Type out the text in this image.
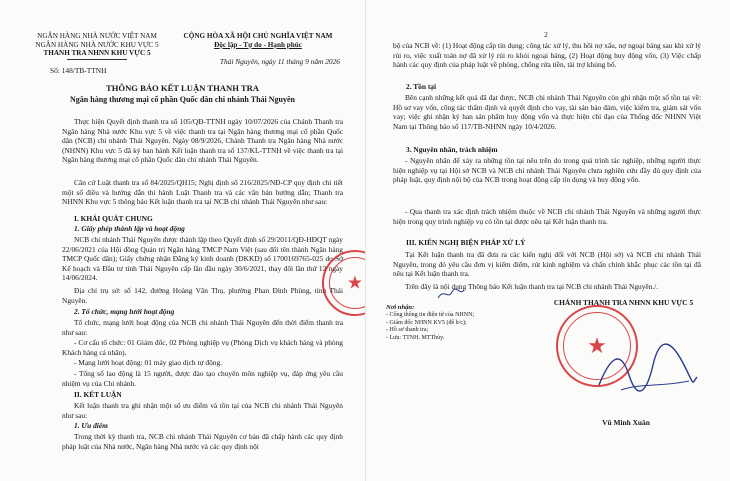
NGÂN HÀNG NHÀ NƯỚC VIỆT NAM
NGÂN HÀNG NHÀ NƯỚC KHU VỰC 5
THANH TRA NHNN KHU VỰC 5
CỘNG HÒA XÃ HỘI CHỦ NGHĨA VIỆT NAM
Độc lập - Tự do - Hạnh phúc
Số: 148/TB-TTNH
Thái Nguyên, ngày 11 tháng 9 năm 2026
THÔNG BÁO KẾT LUẬN THANH TRA
Ngân hàng thương mại cổ phần Quốc dân chi nhánh Thái Nguyên
Thực hiện Quyết định thanh tra số 105/QĐ-TTNH ngày 10/07/2026 của Chánh Thanh tra Ngân hàng Nhà nước Khu vực 5 về việc thanh tra tại Ngân hàng thương mại cổ phần Quốc dân (NCB) chi nhánh Thái Nguyên. Ngày 08/9/2026, Chánh Thanh tra Ngân hàng Nhà nước (NHNN) Khu vực 5 đã ký ban hành Kết luận thanh tra số 137/KL-TTNH về việc thanh tra tại Ngân hàng thương mại cổ phần Quốc dân chi nhánh Thái Nguyên.
Căn cứ Luật thanh tra số 84/2025/QH15; Nghị định số 216/2025/NĐ-CP quy định chi tiết một số điều và hướng dẫn thi hành Luật Thanh tra và các văn bản hướng dẫn; Thanh tra NHNN Khu vực 5 thông báo Kết luận thanh tra tại NCB chi nhánh Thái Nguyên như sau:
I. KHÁI QUÁT CHUNG
1. Giấy phép thành lập và hoạt động
NCB chi nhánh Thái Nguyên được thành lập theo Quyết định số 29/2011/QĐ-HĐQT ngày 22/06/2021 của Hội đồng Quản trị Ngân hàng TMCP Nam Việt (sau đổi tên thành Ngân hàng TMCP Quốc dân); Giấy chứng nhận Đăng ký kinh doanh (ĐKKD) số 1700169765-025 do Sở Kế hoạch và Đầu tư tỉnh Thái Nguyên cấp lần đầu ngày 30/6/2021, thay đổi lần thứ 12 ngày 14/06/2024.
Địa chỉ trụ sở: số 142, đường Hoàng Văn Thụ, phường Phan Đình Phùng, tỉnh Thái Nguyên.
2. Tổ chức, mạng lưới hoạt động
Tổ chức, mạng lưới hoạt động của NCB chi nhánh Thái Nguyên đến thời điểm thanh tra như sau:
- Cơ cấu tổ chức: 01 Giám đốc, 02 Phòng nghiệp vụ (Phòng Dịch vụ khách hàng và phòng Khách hàng cá nhân).
- Mạng lưới hoạt động: 01 máy giao dịch tự động.
- Tổng số lao động là 15 người, được đào tạo chuyên môn nghiệp vụ, đáp ứng yêu cầu nhiệm vụ của Chi nhánh.
II. KẾT LUẬN
Kết luận thanh tra ghi nhận một số ưu điểm và tồn tại của NCB chi nhánh Thái Nguyên như sau:
1. Ưu điểm
Trong thời kỳ thanh tra, NCB chi nhánh Thái Nguyên cơ bản đã chấp hành các quy định pháp luật của Nhà nước, Ngân hàng Nhà nước và các quy định nội
★
2
bộ của NCB về: (1) Hoạt động cấp tín dụng; công tác xử lý, thu hồi nợ xấu, nợ ngoại bảng sau khi xử lý rủi ro, việc xuất toán nợ đã xử lý rủi ro khỏi ngoại bảng, (2) Hoạt động huy động vốn, (3) Việc chấp hành các quy định của pháp luật về phòng, chống rửa tiền, tài trợ khủng bố.
2. Tồn tại
Bên cạnh những kết quả đã đạt được, NCB chi nhánh Thái Nguyên còn ghi nhận một số tồn tại về: Hồ sơ vay vốn, công tác thẩm định và quyết định cho vay, tài sản bảo đảm, việc kiểm tra, giám sát vốn vay; việc ghi nhận ký han sản phẩm huy động vốn và thực hiện chỉ đạo của Thống đốc NHNN Việt Nam tại Thông báo số 117/TB-NHNN ngày 10/4/2026.
3. Nguyên nhân, trách nhiệm
- Nguyên nhân để xảy ra những tồn tại nêu trên do trong quá trình tác nghiệp, những người thực hiện nghiệp vụ tại Hội sở NCB và NCB chi nhánh Thái Nguyên chưa nghiên cứu đầy đủ quy định của pháp luật, quy định nội bộ của NCB trong hoạt động cấp tín dụng và huy động vốn.
- Qua thanh tra xác định trách nhiệm thuộc về NCB chi nhánh Thái Nguyên và những người thực hiện trong quy trình nghiệp vụ có tồn tại được nêu tại Kết luận thanh tra.
III. KIẾN NGHỊ BIỆN PHÁP XỬ LÝ
Tại Kết luận thanh tra đã đưa ra các kiến nghị đối với NCB (Hội sở) và NCB chi nhánh Thái Nguyên, trong đó yêu cầu đơn vị kiểm điểm, rút kinh nghiệm và chấn chỉnh khắc phục các tồn tại đã nêu tại Kết luận thanh tra.
Trên đây là nội dung Thông báo Kết luận thanh tra tại NCB chi nhánh Thái Nguyên./.
Nơi nhận:
- Cổng thông tin điện tử của NHNN;
- Giám đốc NHNN KV5 (để b/c);
- Hồ sơ thanh tra;
- Lưu: TTNH. MTThủy.
CHÁNH THANH TRA NHNN KHU VỰC 5
★
Vũ Minh Xuân
